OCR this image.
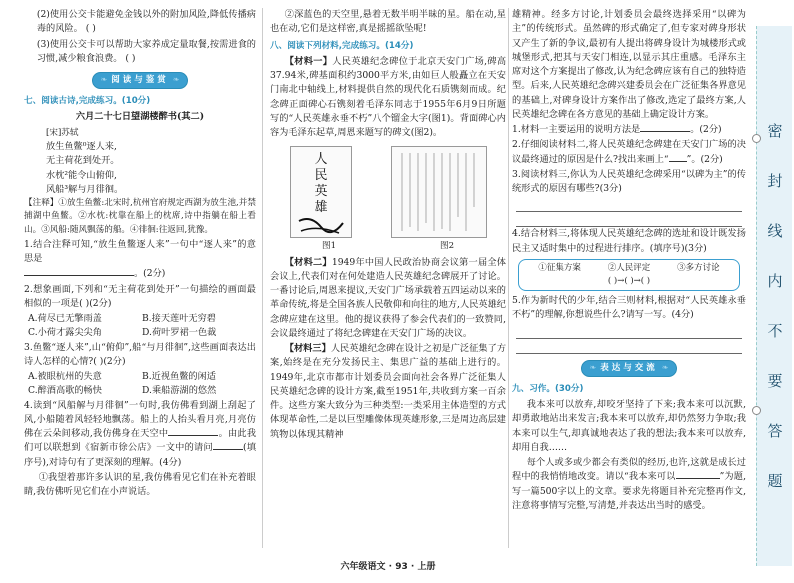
(2)使用公交卡能避免金钱以外的附加风险,降低传播病毒的风险。 ( )

(3)使用公交卡可以帮助大家养成定量取餐,按需进食的习惯,减少粮食浪费。 ( )

❧ 阅读与鉴赏 ❧
七、阅读古诗,完成练习。(10分)
六月二十七日望湖楼醉书(其二)
[宋]苏轼
放生鱼鳖⁰逐人来,
无主荷花到处开。
水枕²能令山俯仰,
风船³解与月徘徊。

【注释】①放生鱼鳖:北宋时,杭州官府规定西湖为放生池,并禁捕湖中鱼鳖。②水枕:枕靠在船上的枕席,诗中指躺在船上看山。③风船:随风飘荡的船。④徘徊:往返回,犹豫。

1.结合注释可知,“放生鱼鳖逐人来”一句中“逐人来”的意思是

。(2分)

2.想象画面,下列和“无主荷花到处开”一句描绘的画面最相似的一项是( )(2分)

A.荷尽已无擎雨盖	B.接天莲叶无穷碧
C.小荷才露尖尖角	D.荷叶罗裙一色裁

3.鱼鳖“逐人来”,山“俯仰”,船“与月徘徊”,这些画面表达出诗人怎样的心情?( )(2分)

A.被眼杭州的失意	B.近视鱼鳖的闲适
C.醉酒高歌的畅快	D.乘船游湖的悠然

4.读到“风船解与月徘徊”一句时,我仿佛看到湖上刮起了风,小船随着风轻轻地飘荡。船上的人抬头看月亮,月亮仿佛在云朵间移动,我仿佛身在天空中	。由此我们可以联想到《宿新市徐公店》一文中的请问	(填序号),对诗句有了更深刻的理解。(4分)

①我望着那许多认识的星,我仿佛看见它们在补充着眼睛,我仿佛听见它们在小声说话。

②深蓝色的天空里,悬着无数半明半昧的星。船在动,星也在动,它们是这样密,真是摇摇欲坠呢!

八、阅读下列材料,完成练习。(14分)

【材料一】人民英雄纪念碑位于北京天安门广场,碑高37.94米,碑基面积约3000平方米,由如巨人般矗立在天安门南北中轴线上,材料提供自然的现代化石质镌刻而成。纪念碑正面碑心石镌刻着毛泽东同志于1955年6月9日所题写的“人民英雄永垂不朽”八个镏金大字(图1)。背面碑心内容为毛泽东起草,周恩来题写的碑文(图2)。

人
民
英
雄
图1	图2

【材料二】1949年中国人民政治协商会议第一届全体会议上,代表们对在何处建造人民英雄纪念碑展开了讨论。一番讨论后,周恩来提议,天安门广场承载着五四运动以来的革命传统,将是全国各族人民敬仰和向往的地方,人民英雄纪念碑应建在这里。他的提议获得了参会代表们的一致赞同,会议最终通过了将纪念碑建在天安门广场的决议。

【材料三】人民英雄纪念碑在设计之初是广泛征集了方案,始终是在充分发扬民主、集思广益的基础上进行的。1949年,北京市都市计划委员会面向社会各界广泛征集人民英雄纪念碑的设计方案,截至1951年,共收到方案一百余件。这些方案大致分为三种类型:一类采用主体造型的方式体现革命性,二是以巨型雕像体现英雄形象,三是周边高层建筑物以体现其精神

雄精神。经多方讨论,计划委员会最终选择采用“以碑为主”的传统形式。虽然碑的形式确定了,但专家对碑身形状又产生了新的争议,最初有人提出将碑身设计为城楼形式或城堡形式,把其与天安门相连,以显示其庄重感。毛泽东主席对这个方案提出了修改,认为纪念碑应该有自己的独特造型。后来,人民英雄纪念碑兴建委员会在广泛征集各界意见的基础上,对碑身设计方案作出了修改,选定了最终方案,人民英雄纪念碑在各方意见的基础上确定设计方案。

1.材料一主要运用的说明方法是	。(2分)

2.仔细阅读材料二,将人民英雄纪念碑建在天安门广场的决议最终通过的原因是什么?找出来画上“ ”。(2分)

3.阅读材料三,你认为人民英雄纪念碑采用“以碑为主”的传统形式的原因有哪些?(3分)

4.结合材料三,将体现人民英雄纪念碑的选址和设计既发扬民主又适时集中的过程进行排序。(填序号)(3分)

①征集方案	②人民评定	③多方讨论
( )→( )→( )

5.作为新时代的少年,结合三则材料,根据对“人民英雄永垂不朽”的理解,你想说些什么?请写一写。(4分)

❧ 表达与交流 ❧
九、习作。(30分)

我本来可以放弃,却咬牙坚持了下来;我本来可以沉默,却勇敢地站出来发言;我本来可以放弃,却仍然努力争取;我本来可以生气,却真诚地表达了我的想法;我本来可以放弃,却用自我……

每个人或多或少都会有类似的经历,也许,这就是成长过程中的我悄悄地改变。请以“我本来可以	”为题,写一篇500字以上的文章。要求先将题目补充完整再作文,注意将事情写完整,写清楚,并表达出当时的感受。

六年级语文 · 93 · 上册
密
封
线
内
不
要
答
题
